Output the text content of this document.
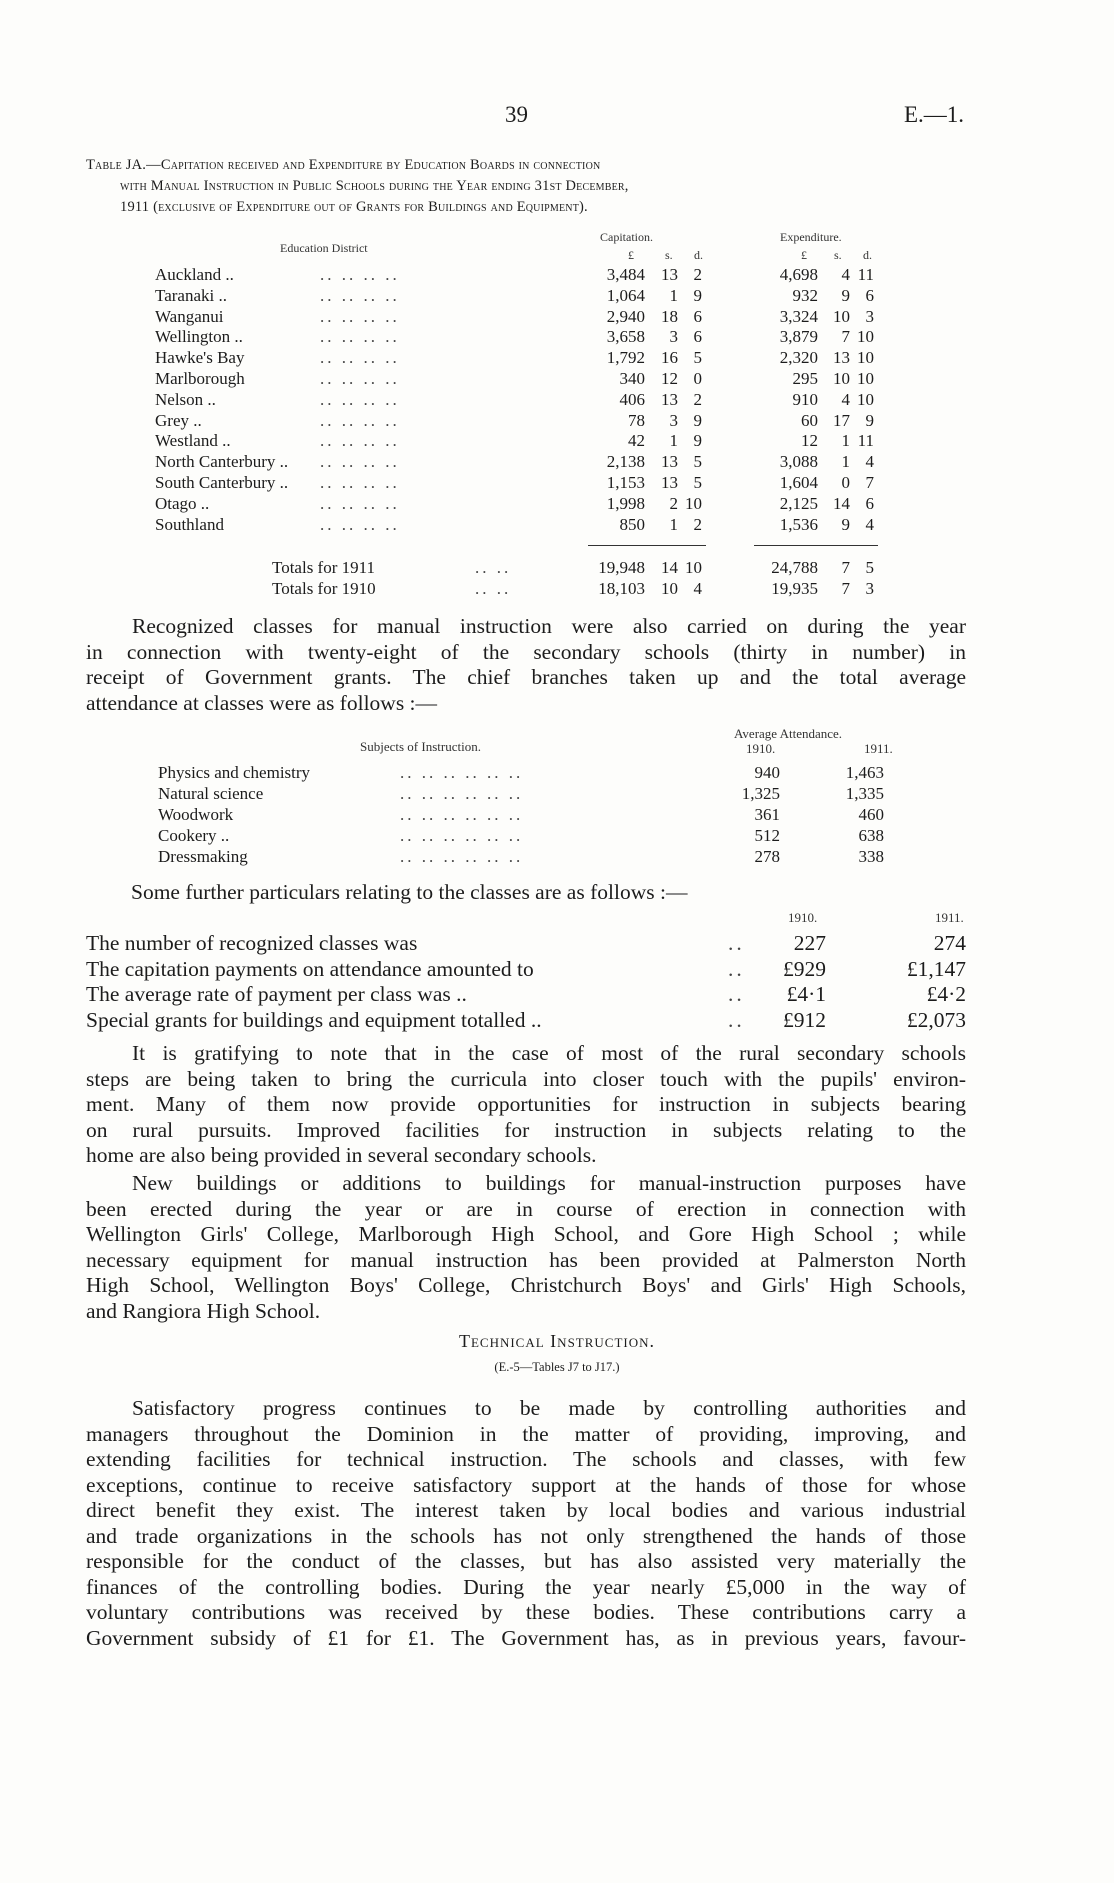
39	E.—1.
Table JA.—Capitation received and Expenditure by Education Boards in connection
with Manual Instruction in Public Schools during the Year ending 31st December,
1911 (exclusive of Expenditure out of Grants for Buildings and Equipment).
Education District
Capitation.	Expenditure.
£	s. d.	£ s. d.
Auckland ..	.. .. .. ..	3,484 13 2	4,698	4 11
Taranaki ..	.. .. .. ..	1,064	1 9	932	9 6
Wanganui	.. .. .. ..	2,940 18 6	3,324 10 3
Wellington ..	.. .. .. ..	3,658	3 6	3,879	7 10
Hawke's Bay	.. .. .. ..	1,792 16 5	2,320 13 10
Marlborough	.. .. .. ..	340 12 0	295 10 10
Nelson ..	.. .. .. ..	406 13 2	910	4 10
Grey ..	.. .. .. ..	78	3 9	60 17 9
Westland ..	.. .. .. ..	42	1 9	12	1 11
North Canterbury .. .. .. .. ..	2,138 13 5	3,088	1 4
South Canterbury .. .. .. .. ..	1,153 13 5	1,604	0 7
Otago ..	.. .. .. ..	1,998	2 10	2,125 14 6
Southland	.. .. .. ..	850	1 2	1,536	9 4
Totals for 1911	.. ..	19,948 14 10	24,788	7 5
Totals for 1910	.. ..	18,103 10 4	19,935	7 3
Recognized classes for manual instruction were also carried on during the year
in connection with twenty-eight of the secondary schools (thirty in number) in
receipt of Government grants. The chief branches taken up and the total average
attendance at classes were as follows :—
Subjects of Instruction.
Average Attendance.
1910.	1911.
Physics and chemistry	.. .. .. .. .. ..	940	1,463
Natural science	.. .. .. .. .. ..	1,325	1,335
Woodwork	.. .. .. .. .. ..	361	460
Cookery ..	.. .. .. .. .. ..	512	638
Dressmaking	.. .. .. .. .. ..	278	338
Some further particulars relating to the classes are as follows :—
1910.	1911.
The number of recognized classes was	..	227	274
The capitation payments on attendance amounted to	..	£929	£1,147
The average rate of payment per class was ..	..	£4·1	£4·2
Special grants for buildings and equipment totalled ..	..	£912	£2,073
It is gratifying to note that in the case of most of the rural secondary schools
steps are being taken to bring the curricula into closer touch with the pupils' environ-
ment. Many of them now provide opportunities for instruction in subjects bearing
on rural pursuits. Improved facilities for instruction in subjects relating to the
home are also being provided in several secondary schools.
New buildings or additions to buildings for manual-instruction purposes have
been erected during the year or are in course of erection in connection with
Wellington Girls' College, Marlborough High School, and Gore High School ; while
necessary equipment for manual instruction has been provided at Palmerston North
High School, Wellington Boys' College, Christchurch Boys' and Girls' High Schools,
and Rangiora High School.
Technical Instruction.
(E.-5—Tables J7 to J17.)
Satisfactory progress continues to be made by controlling authorities and
managers throughout the Dominion in the matter of providing, improving, and
extending facilities for technical instruction. The schools and classes, with few
exceptions, continue to receive satisfactory support at the hands of those for whose
direct benefit they exist. The interest taken by local bodies and various industrial
and trade organizations in the schools has not only strengthened the hands of those
responsible for the conduct of the classes, but has also assisted very materially the
finances of the controlling bodies. During the year nearly £5,000 in the way of
voluntary contributions was received by these bodies. These contributions carry a
Government subsidy of £1 for £1. The Government has, as in previous years, favour-
